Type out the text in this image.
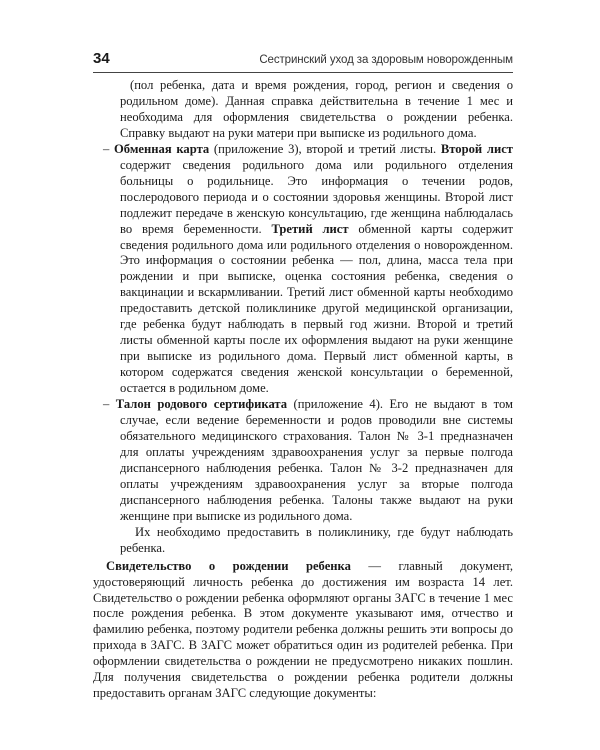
34	Сестринский уход за здоровым новорожденным

(пол ребенка, дата и время рождения, город, регион и сведения о родильном доме). Данная справка действительна в течение 1 мес и необходима для оформления свидетельства о рождении ребенка. Справку выдают на руки матери при выписке из родильного дома.

– Обменная карта (приложение 3), второй и третий листы. Второй лист содержит сведения родильного дома или родильного отделения больницы о родильнице. Это информация о течении родов, послеродового периода и о состоянии здоровья женщины. Второй лист подлежит передаче в женскую консультацию, где женщина наблюдалась во время беременности. Третий лист обменной карты содержит сведения родильного дома или родильного отделения о новорожденном. Это информация о состоянии ребенка — пол, длина, масса тела при рождении и при выписке, оценка состояния ребенка, сведения о вакцинации и вскармливании. Третий лист обменной карты необходимо предоставить детской поликлинике другой медицинской организации, где ребенка будут наблюдать в первый год жизни. Второй и третий листы обменной карты после их оформления выдают на руки женщине при выписке из родильного дома. Первый лист обменной карты, в котором содержатся сведения женской консультации о беременной, остается в родильном доме.

– Талон родового сертификата (приложение 4). Его не выдают в том случае, если ведение беременности и родов проводили вне системы обязательного медицинского страхования. Талон № 3-1 предназначен для оплаты учреждениям здравоохранения услуг за первые полгода диспансерного наблюдения ребенка. Талон № 3-2 предназначен для оплаты учреждениям здравоохранения услуг за вторые полгода диспансерного наблюдения ребенка. Талоны также выдают на руки женщине при выписке из родильного дома.

Их необходимо предоставить в поликлинику, где будут наблюдать ребенка.

Свидетельство о рождении ребенка — главный документ, удостоверяющий личность ребенка до достижения им возраста 14 лет. Свидетельство о рождении ребенка оформляют органы ЗАГС в течение 1 мес после рождения ребенка. В этом документе указывают имя, отчество и фамилию ребенка, поэтому родители ребенка должны решить эти вопросы до прихода в ЗАГС. В ЗАГС может обратиться один из родителей ребенка. При оформлении свидетельства о рождении не предусмотрено никаких пошлин. Для получения свидетельства о рождении ребенка родители должны предоставить органам ЗАГС следующие документы:
